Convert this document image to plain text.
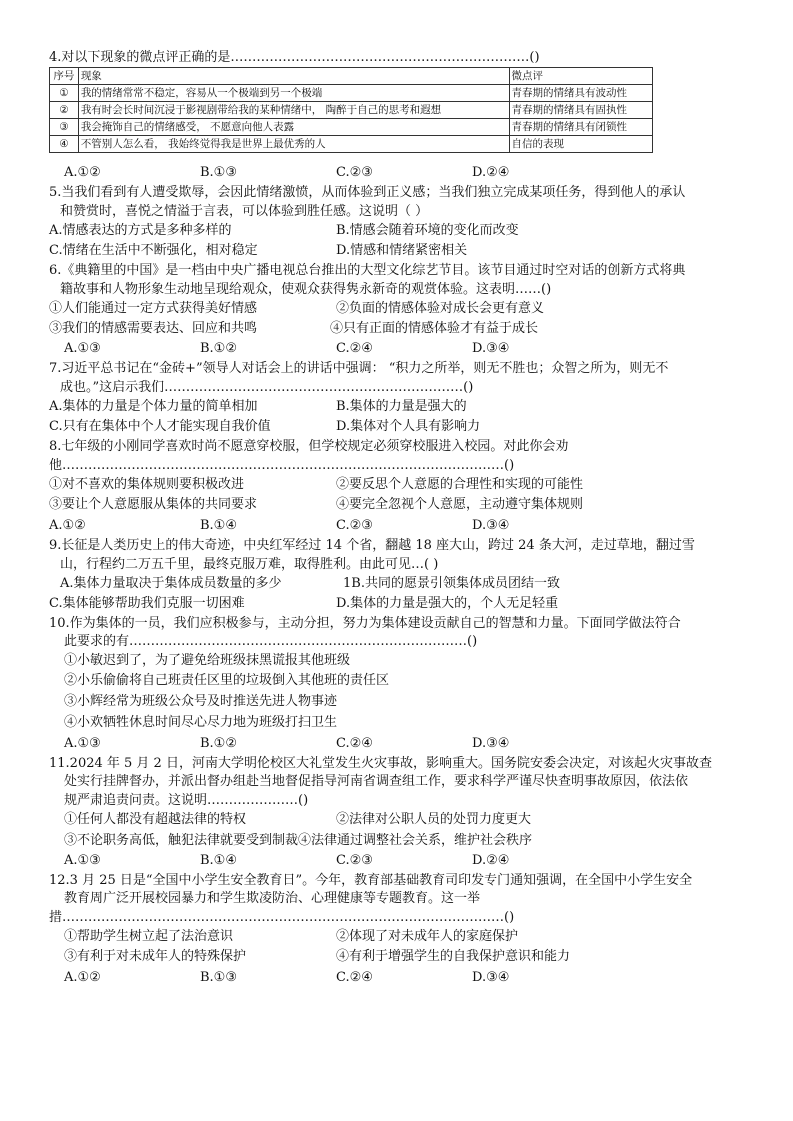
4.对以下现象的微点评正确的是……………………………………………………………()
序号	现象	微点评
①	我的情绪常常不稳定，容易从一个极端到另一个极端	青春期的情绪具有波动性
②	我有时会长时间沉浸于影视剧带给我的某种情绪中， 陶醉于自己的思考和遐想	青春期的情绪具有固执性
③	我会掩饰自己的情绪感受， 不愿意向他人表露	青春期的情绪具有闭锁性
④	不管别人怎么看， 我始终觉得我是世界上最优秀的人	自信的表现
A.①②	B.①③	C.②③	D.②④
5.当我们看到有人遭受欺辱，会因此情绪激愤，从而体验到正义感；当我们独立完成某项任务，得到他人的承认
和赞赏时，喜悦之情溢于言表，可以体验到胜任感。这说明（ ）
A.情感表达的方式是多种多样的	B.情感会随着环境的变化而改变
C.情绪在生活中不断强化，相对稳定	D.情感和情绪紧密相关
6.《典籍里的中国》是一档由中央广播电视总台推出的大型文化综艺节目。该节目通过时空对话的创新方式将典
籍故事和人物形象生动地呈现给观众，使观众获得隽永新奇的观赏体验。这表明……()
①人们能通过一定方式获得美好情感	②负面的情感体验对成长会更有意义
③我们的情感需要表达、回应和共鸣	④只有正面的情感体验才有益于成长
A.①③	B.①②	C.②④	D.③④
7.习近平总书记在“金砖+”领导人对话会上的讲话中强调： “积力之所举，则无不胜也；众智之所为，则无不
成也。”这启示我们……………………………………………………………()
A.集体的力量是个体力量的简单相加	B.集体的力量是强大的
C.只有在集体中个人才能实现自我价值	D.集体对个人具有影响力
8.七年级的小刚同学喜欢时尚不愿意穿校服，但学校规定必须穿校服进入校园。对此你会劝
他…………………………………………………………………………………………()
①对不喜欢的集体规则要积极改进	②要反思个人意愿的合理性和实现的可能性
③要让个人意愿服从集体的共同要求	④要完全忽视个人意愿，主动遵守集体规则
A.①②	B.①④	C.②③	D.③④
9.长征是人类历史上的伟大奇迹，中央红军经过 14 个省，翻越 18 座大山，跨过 24 条大河，走过草地，翻过雪
山，行程约二万五千里，最终克服万难，取得胜利。由此可见…( )
A.集体力量取决于集体成员数量的多少	1B.共同的愿景引领集体成员团结一致
C.集体能够帮助我们克服一切困难	D.集体的力量是强大的，个人无足轻重
10.作为集体的一员，我们应积极参与，主动分担，努力为集体建设贡献自己的智慧和力量。下面同学做法符合
此要求的有……………………………………………………………………()
①小敏迟到了，为了避免给班级抹黑谎报其他班级
②小乐偷偷将自己班责任区里的垃圾倒入其他班的责任区
③小辉经常为班级公众号及时推送先进人物事迹
④小欢牺牲休息时间尽心尽力地为班级打扫卫生
A.①③	B.①②	C.②④	D.③④
11.2024 年 5 月 2 日，河南大学明伦校区大礼堂发生火灾事故，影响重大。国务院安委会决定，对该起火灾事故查
处实行挂牌督办，并派出督办组赴当地督促指导河南省调查组工作，要求科学严谨尽快查明事故原因，依法依
规严肃追责问责。这说明…………………()
①任何人都没有超越法律的特权	②法律对公职人员的处罚力度更大
③不论职务高低，触犯法律就要受到制裁④法律通过调整社会关系，维护社会秩序
A.①③	B.①④	C.②③	D.②④
12.3 月 25 日是“全国中小学生安全教育日”。今年，教育部基础教育司印发专门通知强调，在全国中小学生安全
教育周广泛开展校园暴力和学生欺凌防治、心理健康等专题教育。这一举
措…………………………………………………………………………………………()
①帮助学生树立起了法治意识	②体现了对未成年人的家庭保护
③有利于对未成年人的特殊保护	④有利于增强学生的自我保护意识和能力
A.①②	B.①③	C.②④	D.③④
